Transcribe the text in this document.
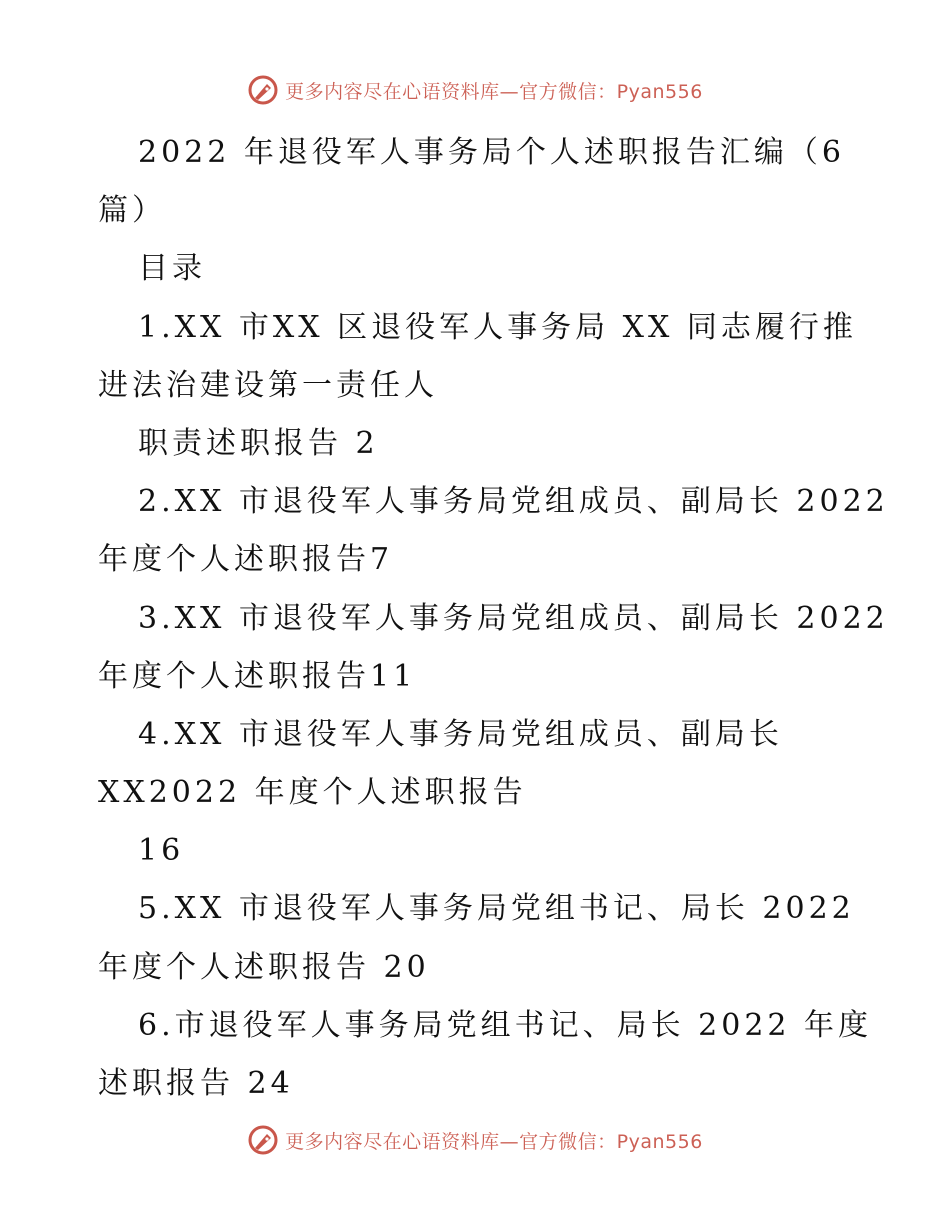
更多内容尽在心语资料库—官方微信：Pyan556
2022 年退役军人事务局个人述职报告汇编（6
篇）
目录
1.XX 市XX 区退役军人事务局 XX 同志履行推
进法治建设第一责任人
职责述职报告 2
2.XX 市退役军人事务局党组成员、副局长 2022
年度个人述职报告7
3.XX 市退役军人事务局党组成员、副局长 2022
年度个人述职报告11
4.XX 市退役军人事务局党组成员、副局长
XX2022 年度个人述职报告
16
5.XX 市退役军人事务局党组书记、局长 2022
年度个人述职报告 20
6.市退役军人事务局党组书记、局长 2022 年度
述职报告 24
更多内容尽在心语资料库—官方微信：Pyan556
